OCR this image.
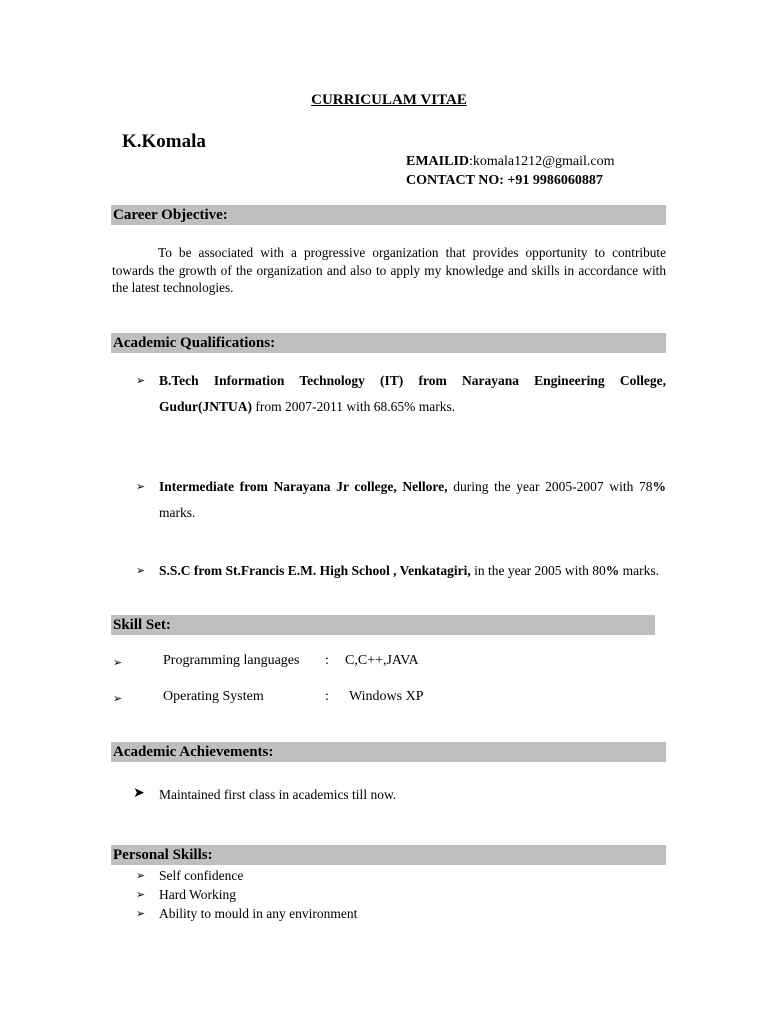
CURRICULAM VITAE
K.Komala
EMAILID:komala1212@gmail.com
CONTACT NO: +91 9986060887
Career Objective:
To be associated with a progressive organization that provides opportunity to contribute towards the growth of the organization and also to apply my knowledge and skills in accordance with the latest technologies.
Academic Qualifications:
➢ B.Tech Information Technology (IT) from Narayana Engineering College, Gudur(JNTUA) from 2007-2011 with 68.65% marks.
➢ Intermediate from Narayana Jr college, Nellore, during the year 2005-2007 with 78% marks.
➢ S.S.C from St.Francis E.M. High School , Venkatagiri, in the year 2005 with 80% marks.
Skill Set:
➢	Programming languages : C,C++,JAVA
➢	Operating System	: Windows XP
Academic Achievements:
➤ Maintained first class in academics till now.
Personal Skills:
➢ Self confidence
➢ Hard Working
➢ Ability to mould in any environment
